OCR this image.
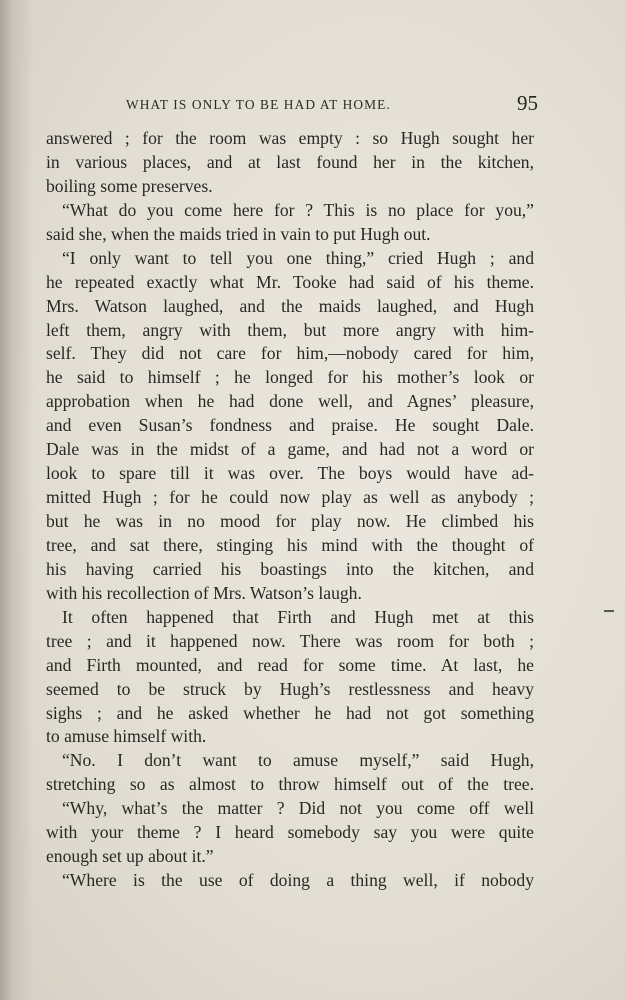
WHAT IS ONLY TO BE HAD AT HOME.	95
answered ; for the room was empty : so Hugh sought her
in various places, and at last found her in the kitchen,
boiling some preserves.
“What do you come here for ? This is no place for you,”
said she, when the maids tried in vain to put Hugh out.
“I only want to tell you one thing,” cried Hugh ; and
he repeated exactly what Mr. Tooke had said of his theme.
Mrs. Watson laughed, and the maids laughed, and Hugh
left them, angry with them, but more angry with him-
self. They did not care for him,—nobody cared for him,
he said to himself ; he longed for his mother’s look or
approbation when he had done well, and Agnes’ pleasure,
and even Susan’s fondness and praise. He sought Dale.
Dale was in the midst of a game, and had not a word or
look to spare till it was over. The boys would have ad-
mitted Hugh ; for he could now play as well as anybody ;
but he was in no mood for play now. He climbed his
tree, and sat there, stinging his mind with the thought of
his having carried his boastings into the kitchen, and
with his recollection of Mrs. Watson’s laugh.
It often happened that Firth and Hugh met at this
tree ; and it happened now. There was room for both ;
and Firth mounted, and read for some time. At last, he
seemed to be struck by Hugh’s restlessness and heavy
sighs ; and he asked whether he had not got something
to amuse himself with.
“No. I don’t want to amuse myself,” said Hugh,
stretching so as almost to throw himself out of the tree.
“Why, what’s the matter ? Did not you come off well
with your theme ? I heard somebody say you were quite
enough set up about it.”
“Where is the use of doing a thing well, if nobody
